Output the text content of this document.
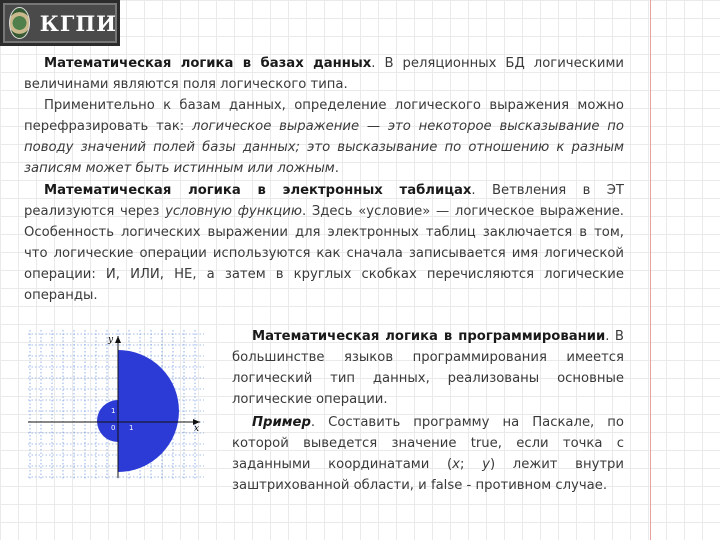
КГПИ

Математическая логика в базах данных. В реляционных БД логическими величинами являются поля логического типа.

Применительно к базам данных, определение логического выражения можно перефразировать так: логическое выражение — это некоторое высказывание по поводу значений полей базы данных; это высказывание по отношению к разным записям может быть истинным или ложным.

Математическая логика в электронных таблицах. Ветвления в ЭТ реализуются через условную функцию. Здесь «условие» — логическое выражение. Особенность логических выражении для электронных таблиц заключается в том, что логические операции используются как сначала записывается имя логической операции: И, ИЛИ, НЕ, а затем в круглых скобках перечисляются логические операнды.

Математическая логика в программировании. В большинстве языков программирования имеется логический тип данных, реализованы основные логические операции.

Пример. Составить программу на Паскале, по которой выведется значение true, если точка с заданными координатами (x; y) лежит внутри заштрихованной области, и false - противном случае.

x
y
0 1
1
